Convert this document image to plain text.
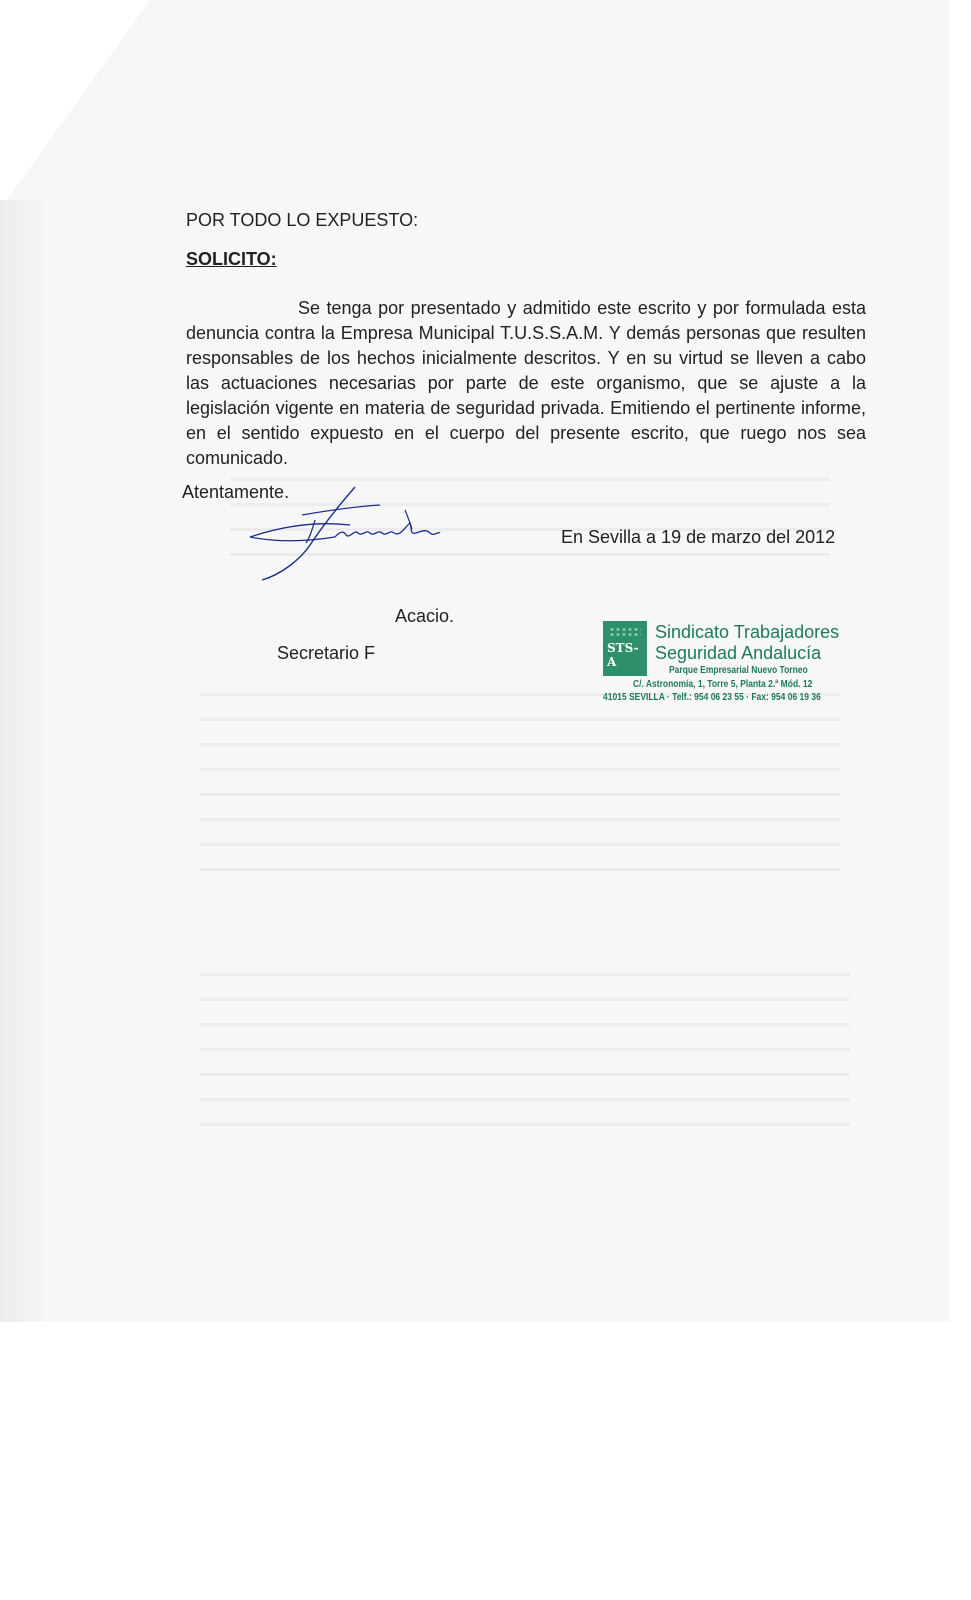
POR TODO LO EXPUESTO:
SOLICITO:
Se tenga por presentado y admitido este escrito y por formulada esta denuncia contra la Empresa Municipal T.U.S.S.A.M. Y demás personas que resulten responsables de los hechos inicialmente descritos. Y en su virtud se lleven a cabo las actuaciones necesarias por parte de este organismo, que se ajuste a la legislación vigente en materia de seguridad privada. Emitiendo el pertinente informe, en el sentido expuesto en el cuerpo del presente escrito, que ruego nos sea comunicado.
Atentamente.
En Sevilla a 19 de marzo del 2012
Acacio.
Secretario F	STS-A
Sindicato Trabajadores
Seguridad Andalucía
Parque Empresarial Nuevo Torneo
C/. Astronomía, 1, Torre 5, Planta 2.ª Mód. 12
41015 SEVILLA · Telf.: 954 06 23 55 · Fax: 954 06 19 36
